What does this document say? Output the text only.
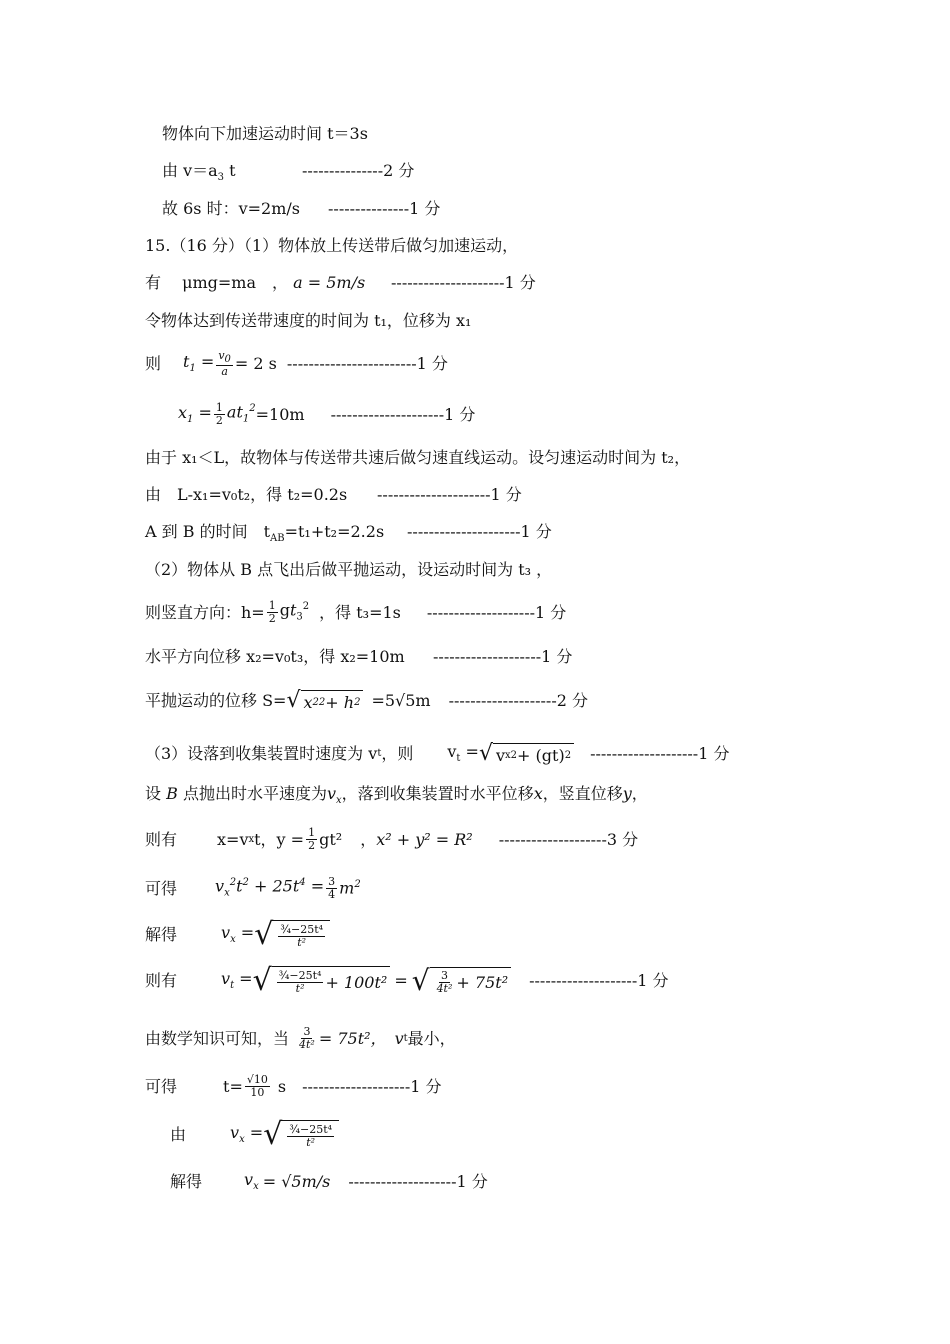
物体向下加速运动时间 t＝3s
由 $v=a_3$ t	---------------2 分
故 6s 时：v=2m/s ---------------1 分
15.（16 分）（1）物体放上传送带后做匀加速运动，
有　 μmg=ma　， a = 5m/s ---------------------1 分
令物体达到传送带速度的时间为 t₁，位移为 x₁
则 $t_1 = \frac{v_0}{a} = 2$ s ------------------------1 分
$x_1 = \frac{1}{2} at_1^2 =10m$ ---------------------1 分
由于 x₁＜L，故物体与传送带共速后做匀速直线运动。设匀速运动时间为 t₂，
由　L-x₁=v₀t₂，得 t₂=0.2s ---------------------1 分
A 到 B 的时间　$t_{AB}=t_1+t_2=2.2s$ ---------------------1 分
（2）物体从 B 点飞出后做平抛运动，设运动时间为 t₃ ，
则竖直方向：$h= \frac{1}{2} gt_3^2$ ，得 t₃=1s --------------------1 分
水平方向位移 x₂=v₀t₃，得 x₂=10m --------------------1 分
平抛运动的位移 S= √ x 2 2 + h 2 =5√5m --------------------2 分
（3）设落到收集装置时速度为 v t ，则 $v_t$ = √ v x 2 + (gt) 2 --------------------1 分
设 B 点抛出时水平速度为$v_x$，落到收集装置时水平位移x，竖直位移y，
则有	x=v x t，$y = \frac{1}{2} gt^2$ ， x² + y² = R² --------------------3 分
可得 $v_x^2t^2 + 25t^4 = \frac{3}{4} m^2$
解得	$v_x$ = √ $\frac{\text{¾−25t⁴}}{\text{t²}}$
则有	$v_t$ = √ $\frac{\text{¾−25t⁴}}{\text{t²}} + 100t^2$ = √ $\frac{3}{\text{4t²}} + 75t^2$ --------------------1 分
由数学知识可知，当 $\frac{3}{\text{4t²}} = 75t^2$， v t 最小，
可得	$t= \frac{√10}{10}$ s --------------------1 分
由	$v_x$ = √ $\frac{\text{¾−25t⁴}}{\text{t²}}$
解得	$v_x = √5m/s$ --------------------1 分
